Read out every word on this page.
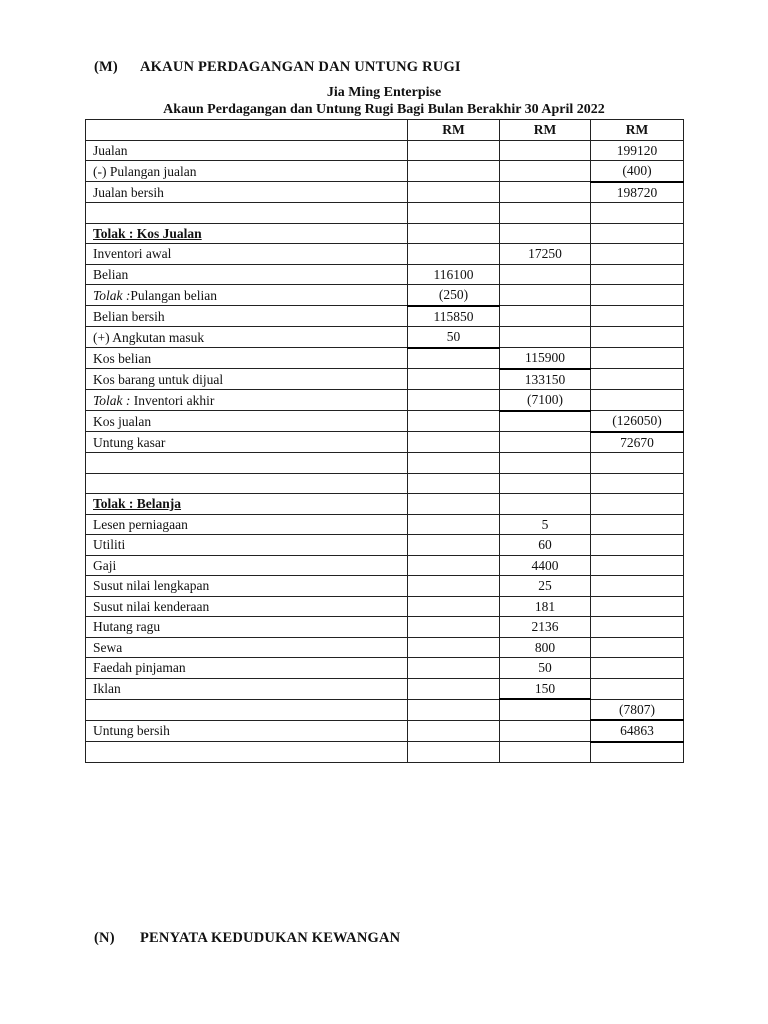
(M) AKAUN PERDAGANGAN DAN UNTUNG RUGI
Jia Ming Enterpise
Akaun Perdagangan dan Untung Rugi Bagi Bulan Berakhir 30 April 2022
	RM	RM	RM
Jualan			199120
(-) Pulangan jualan			(400)
Jualan bersih			198720

Tolak : Kos Jualan			
Inventori awal		17250	
Belian	116100		
Tolak :Pulangan belian	(250)		
Belian bersih	115850		
(+) Angkutan masuk	50		
Kos belian		115900	
Kos barang untuk dijual		133150	
Tolak : Inventori akhir		(7100)	
Kos jualan			(126050)
Untung kasar			72670

Tolak : Belanja			
Lesen perniagaan		5	
Utiliti		60	
Gaji		4400	
Susut nilai lengkapan		25	
Susut nilai kenderaan		181	
Hutang ragu		2136	
Sewa		800	
Faedah pinjaman		50	
Iklan		150	
			(7807)
Untung bersih			64863

(N) PENYATA KEDUDUKAN KEWANGAN
